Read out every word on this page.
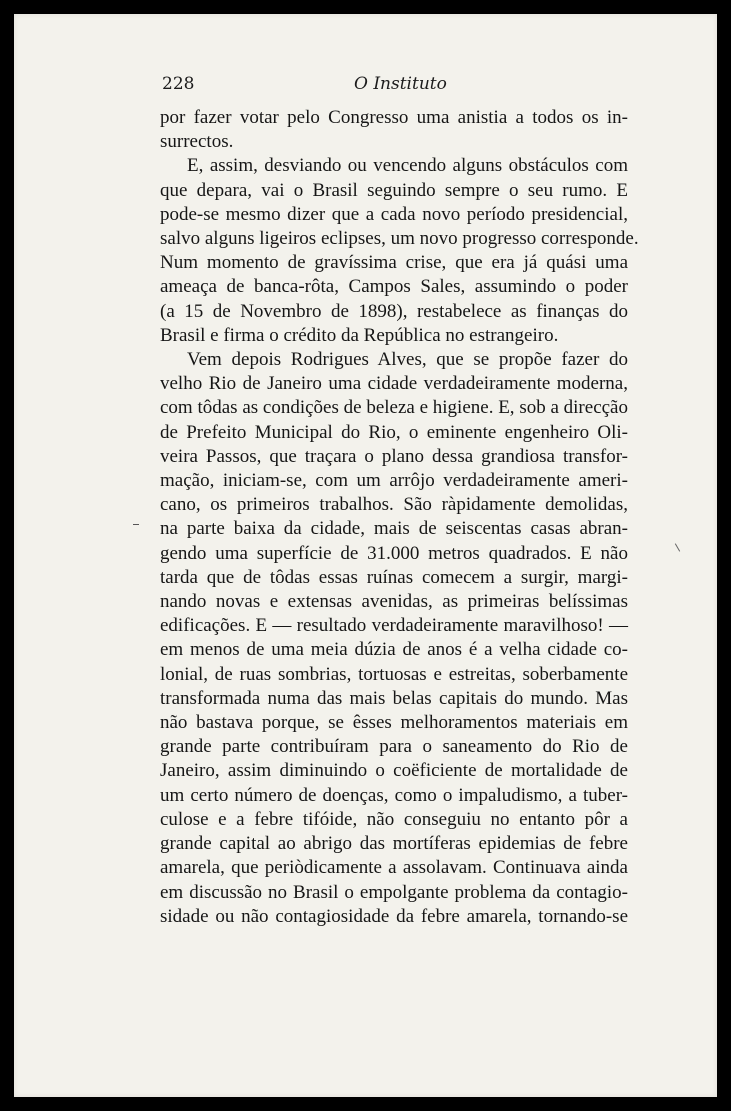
228	O Instituto
por fazer votar pelo Congresso uma anistia a todos os in-
surrectos.
E, assim, desviando ou vencendo alguns obstáculos com
que depara, vai o Brasil seguindo sempre o seu rumo. E
pode-se mesmo dizer que a cada novo período presidencial,
salvo alguns ligeiros eclipses, um novo progresso corresponde.
Num momento de gravíssima crise, que era já quási uma
ameaça de banca-rôta, Campos Sales, assumindo o poder
(a 15 de Novembro de 1898), restabelece as finanças do
Brasil e firma o crédito da República no estrangeiro.
Vem depois Rodrigues Alves, que se propõe fazer do
velho Rio de Janeiro uma cidade verdadeiramente moderna,
com tôdas as condições de beleza e higiene. E, sob a direcção
de Prefeito Municipal do Rio, o eminente engenheiro Oli-
veira Passos, que traçara o plano dessa grandiosa transfor-
mação, iniciam-se, com um arrôjo verdadeiramente ameri-
cano, os primeiros trabalhos. São ràpidamente demolidas,
na parte baixa da cidade, mais de seiscentas casas abran-
gendo uma superfície de 31.000 metros quadrados. E não
tarda que de tôdas essas ruínas comecem a surgir, margi-
nando novas e extensas avenidas, as primeiras belíssimas
edificações. E — resultado verdadeiramente maravilhoso! —
em menos de uma meia dúzia de anos é a velha cidade co-
lonial, de ruas sombrias, tortuosas e estreitas, soberbamente
transformada numa das mais belas capitais do mundo. Mas
não bastava porque, se êsses melhoramentos materiais em
grande parte contribuíram para o saneamento do Rio de
Janeiro, assim diminuindo o coëficiente de mortalidade de
um certo número de doenças, como o impaludismo, a tuber-
culose e a febre tifóide, não conseguiu no entanto pôr a
grande capital ao abrigo das mortíferas epidemias de febre
amarela, que periòdicamente a assolavam. Continuava ainda
em discussão no Brasil o empolgante problema da contagio-
sidade ou não contagiosidade da febre amarela, tornando-se
